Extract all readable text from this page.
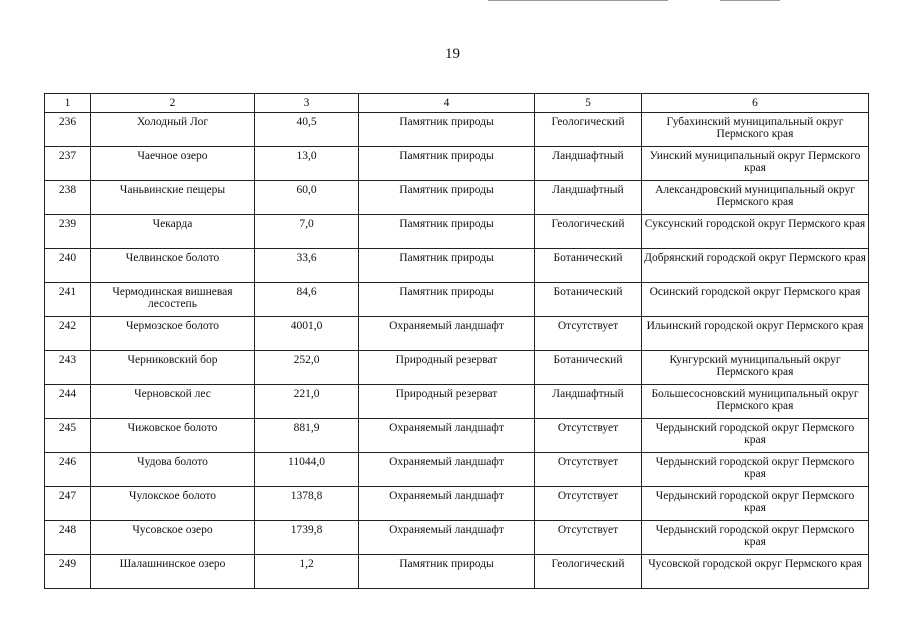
19
1	2	3	4	5	6
236	Холодный Лог	40,5	Памятник природы	Геологический	Губахинский муниципальный округ Пермского края
237	Чаечное озеро	13,0	Памятник природы	Ландшафтный	Уинский муниципальный округ Пермского края
238	Чаньвинские пещеры	60,0	Памятник природы	Ландшафтный	Александровский муниципальный округ Пермского края
239	Чекарда	7,0	Памятник природы	Геологический	Суксунский городской округ Пермского края
240	Челвинское болото	33,6	Памятник природы	Ботанический	Добрянский городской округ Пермского края
241	Чермодинская вишневая лесостепь	84,6	Памятник природы	Ботанический	Осинский городской округ Пермского края
242	Чермозское болото	4001,0	Охраняемый ландшафт	Отсутствует	Ильинский городской округ Пермского края
243	Черниковский бор	252,0	Природный резерват	Ботанический	Кунгурский муниципальный округ Пермского края
244	Черновской лес	221,0	Природный резерват	Ландшафтный	Большесосновский муниципальный округ Пермского края
245	Чижовское болото	881,9	Охраняемый ландшафт	Отсутствует	Чердынский городской округ Пермского края
246	Чудова болото	11044,0	Охраняемый ландшафт	Отсутствует	Чердынский городской округ Пермского края
247	Чулокское болото	1378,8	Охраняемый ландшафт	Отсутствует	Чердынский городской округ Пермского края
248	Чусовское озеро	1739,8	Охраняемый ландшафт	Отсутствует	Чердынский городской округ Пермского края
249	Шалашнинское озеро	1,2	Памятник природы	Геологический	Чусовской городской округ Пермского края
